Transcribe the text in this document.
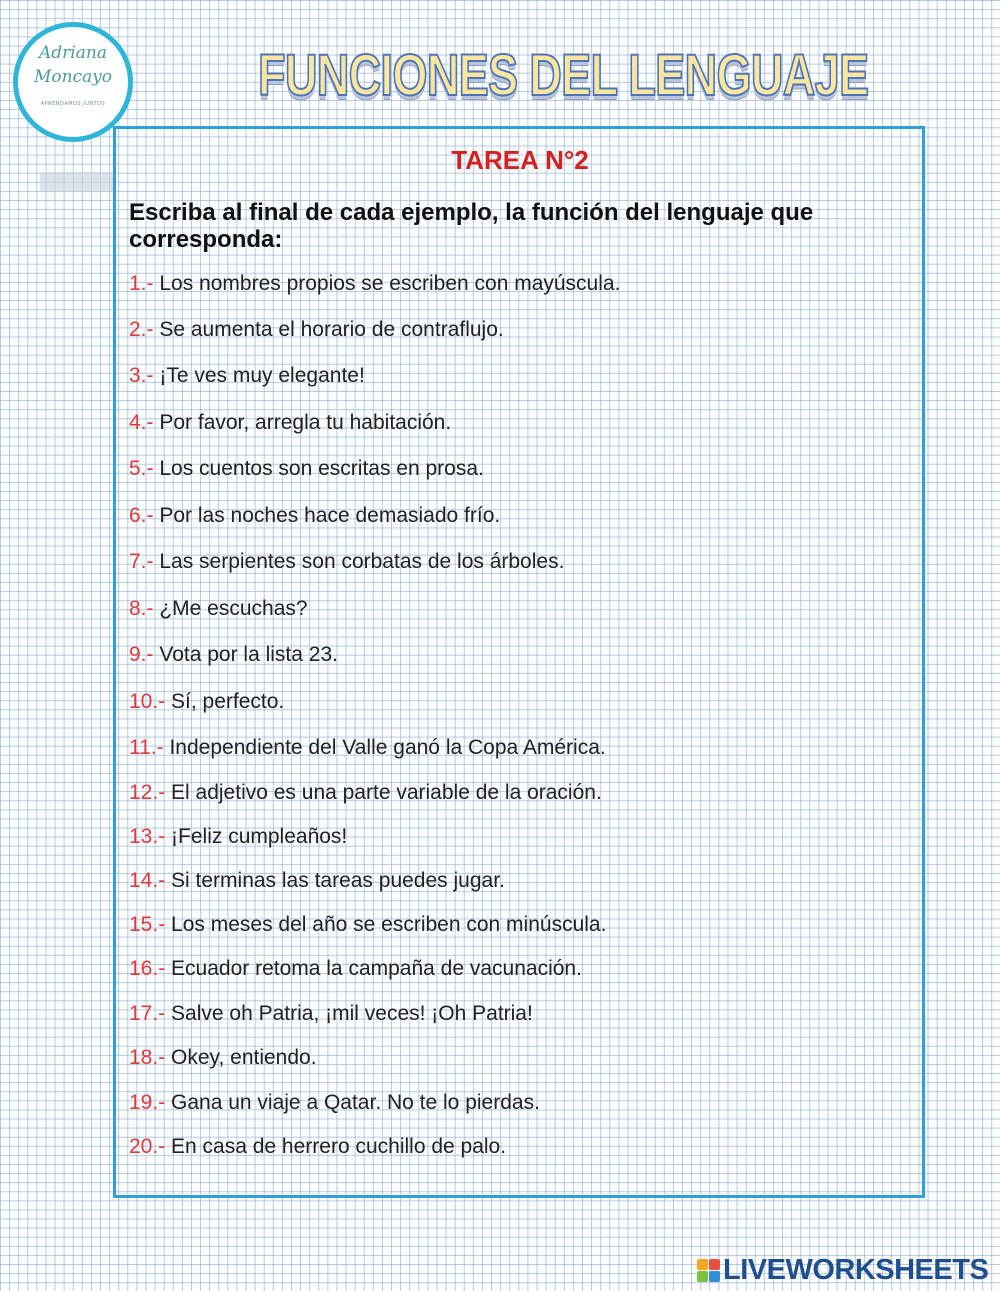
Adriana
Moncayo
APRENDAMOS JUNTOS	FUNCIONES DEL LENGUAJE
TAREA N°2
Escriba al final de cada ejemplo, la función del lenguaje que corresponda:
1.- Los nombres propios se escriben con mayúscula.
2.- Se aumenta el horario de contraflujo.
3.- ¡Te ves muy elegante!
4.- Por favor, arregla tu habitación.
5.- Los cuentos son escritas en prosa.
6.- Por las noches hace demasiado frío.
7.- Las serpientes son corbatas de los árboles.
8.- ¿Me escuchas?
9.- Vota por la lista 23.
10.- Sí, perfecto.
11.- Independiente del Valle ganó la Copa América.
12.- El adjetivo es una parte variable de la oración.
13.- ¡Feliz cumpleaños!
14.- Si terminas las tareas puedes jugar.
15.- Los meses del año se escriben con minúscula.
16.- Ecuador retoma la campaña de vacunación.
17.- Salve oh Patria, ¡mil veces! ¡Oh Patria!
18.- Okey, entiendo.
19.- Gana un viaje a Qatar. No te lo pierdas.
20.- En casa de herrero cuchillo de palo.
LIVEWORKSHEETS
